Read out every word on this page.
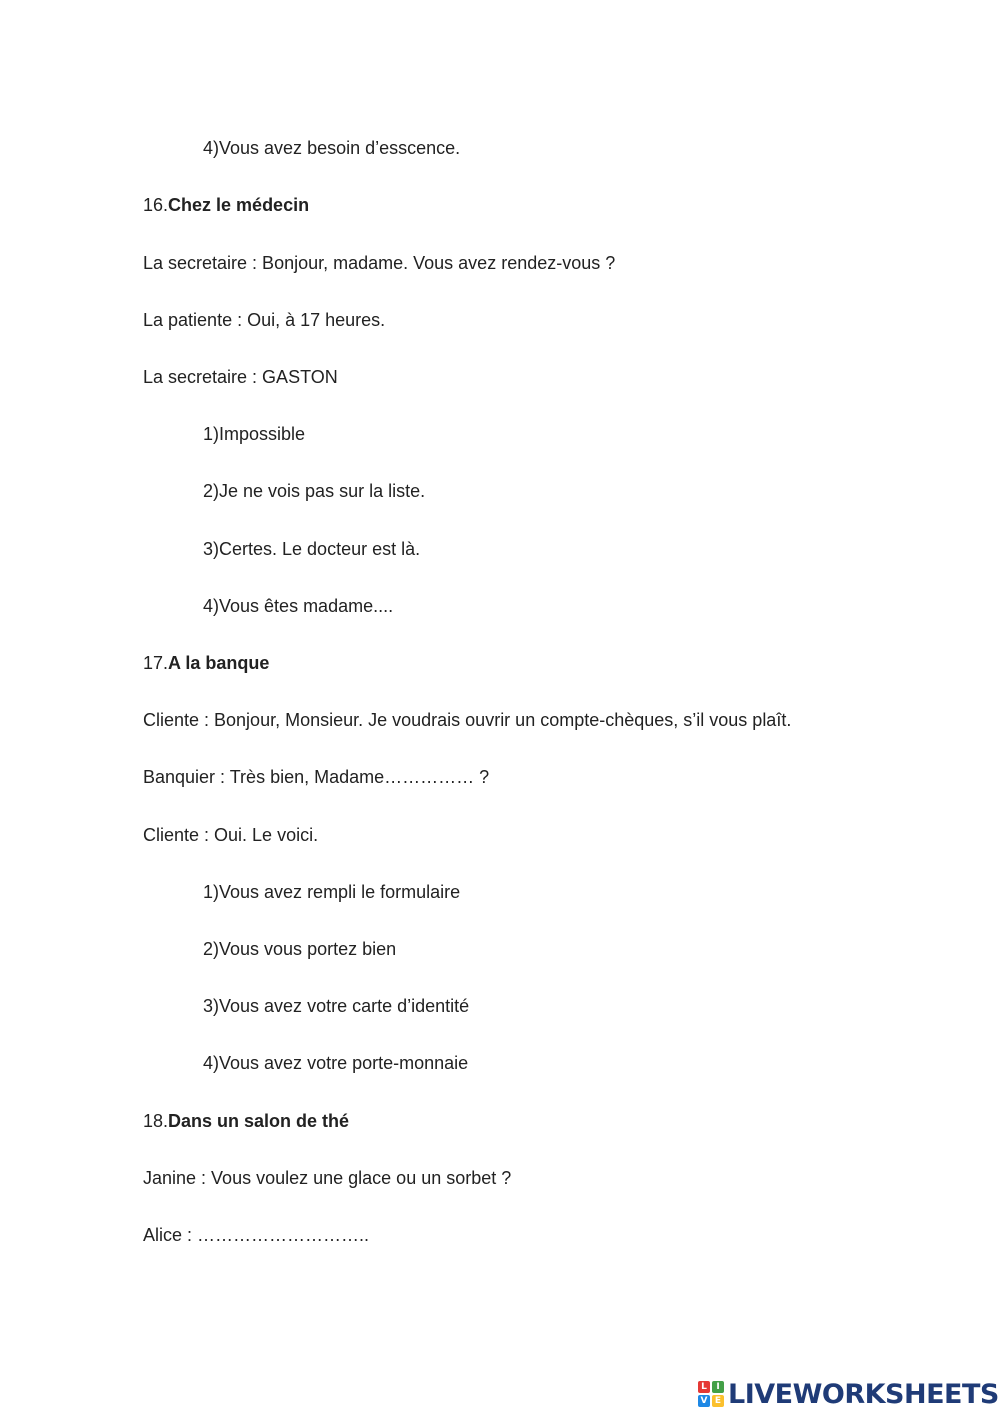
4)Vous avez besoin d’esscence.
16.Chez le médecin
La secretaire : Bonjour, madame. Vous avez rendez-vous ?
La patiente : Oui, à 17 heures.
La secretaire : GASTON
1)Impossible
2)Je ne vois pas sur la liste.
3)Certes. Le docteur est là.
4)Vous êtes madame....
17.A la banque
Cliente : Bonjour, Monsieur. Je voudrais ouvrir un compte-chèques, s’il vous plaît.
Banquier : Très bien, Madame…………… ?
Cliente : Oui. Le voici.
1)Vous avez rempli le formulaire
2)Vous vous portez bien
3)Vous avez votre carte d’identité
4)Vous avez votre porte-monnaie
18.Dans un salon de thé
Janine : Vous voulez une glace ou un sorbet ?
Alice : ………………………..
L	I
V E LIVEWORKSHEETS
